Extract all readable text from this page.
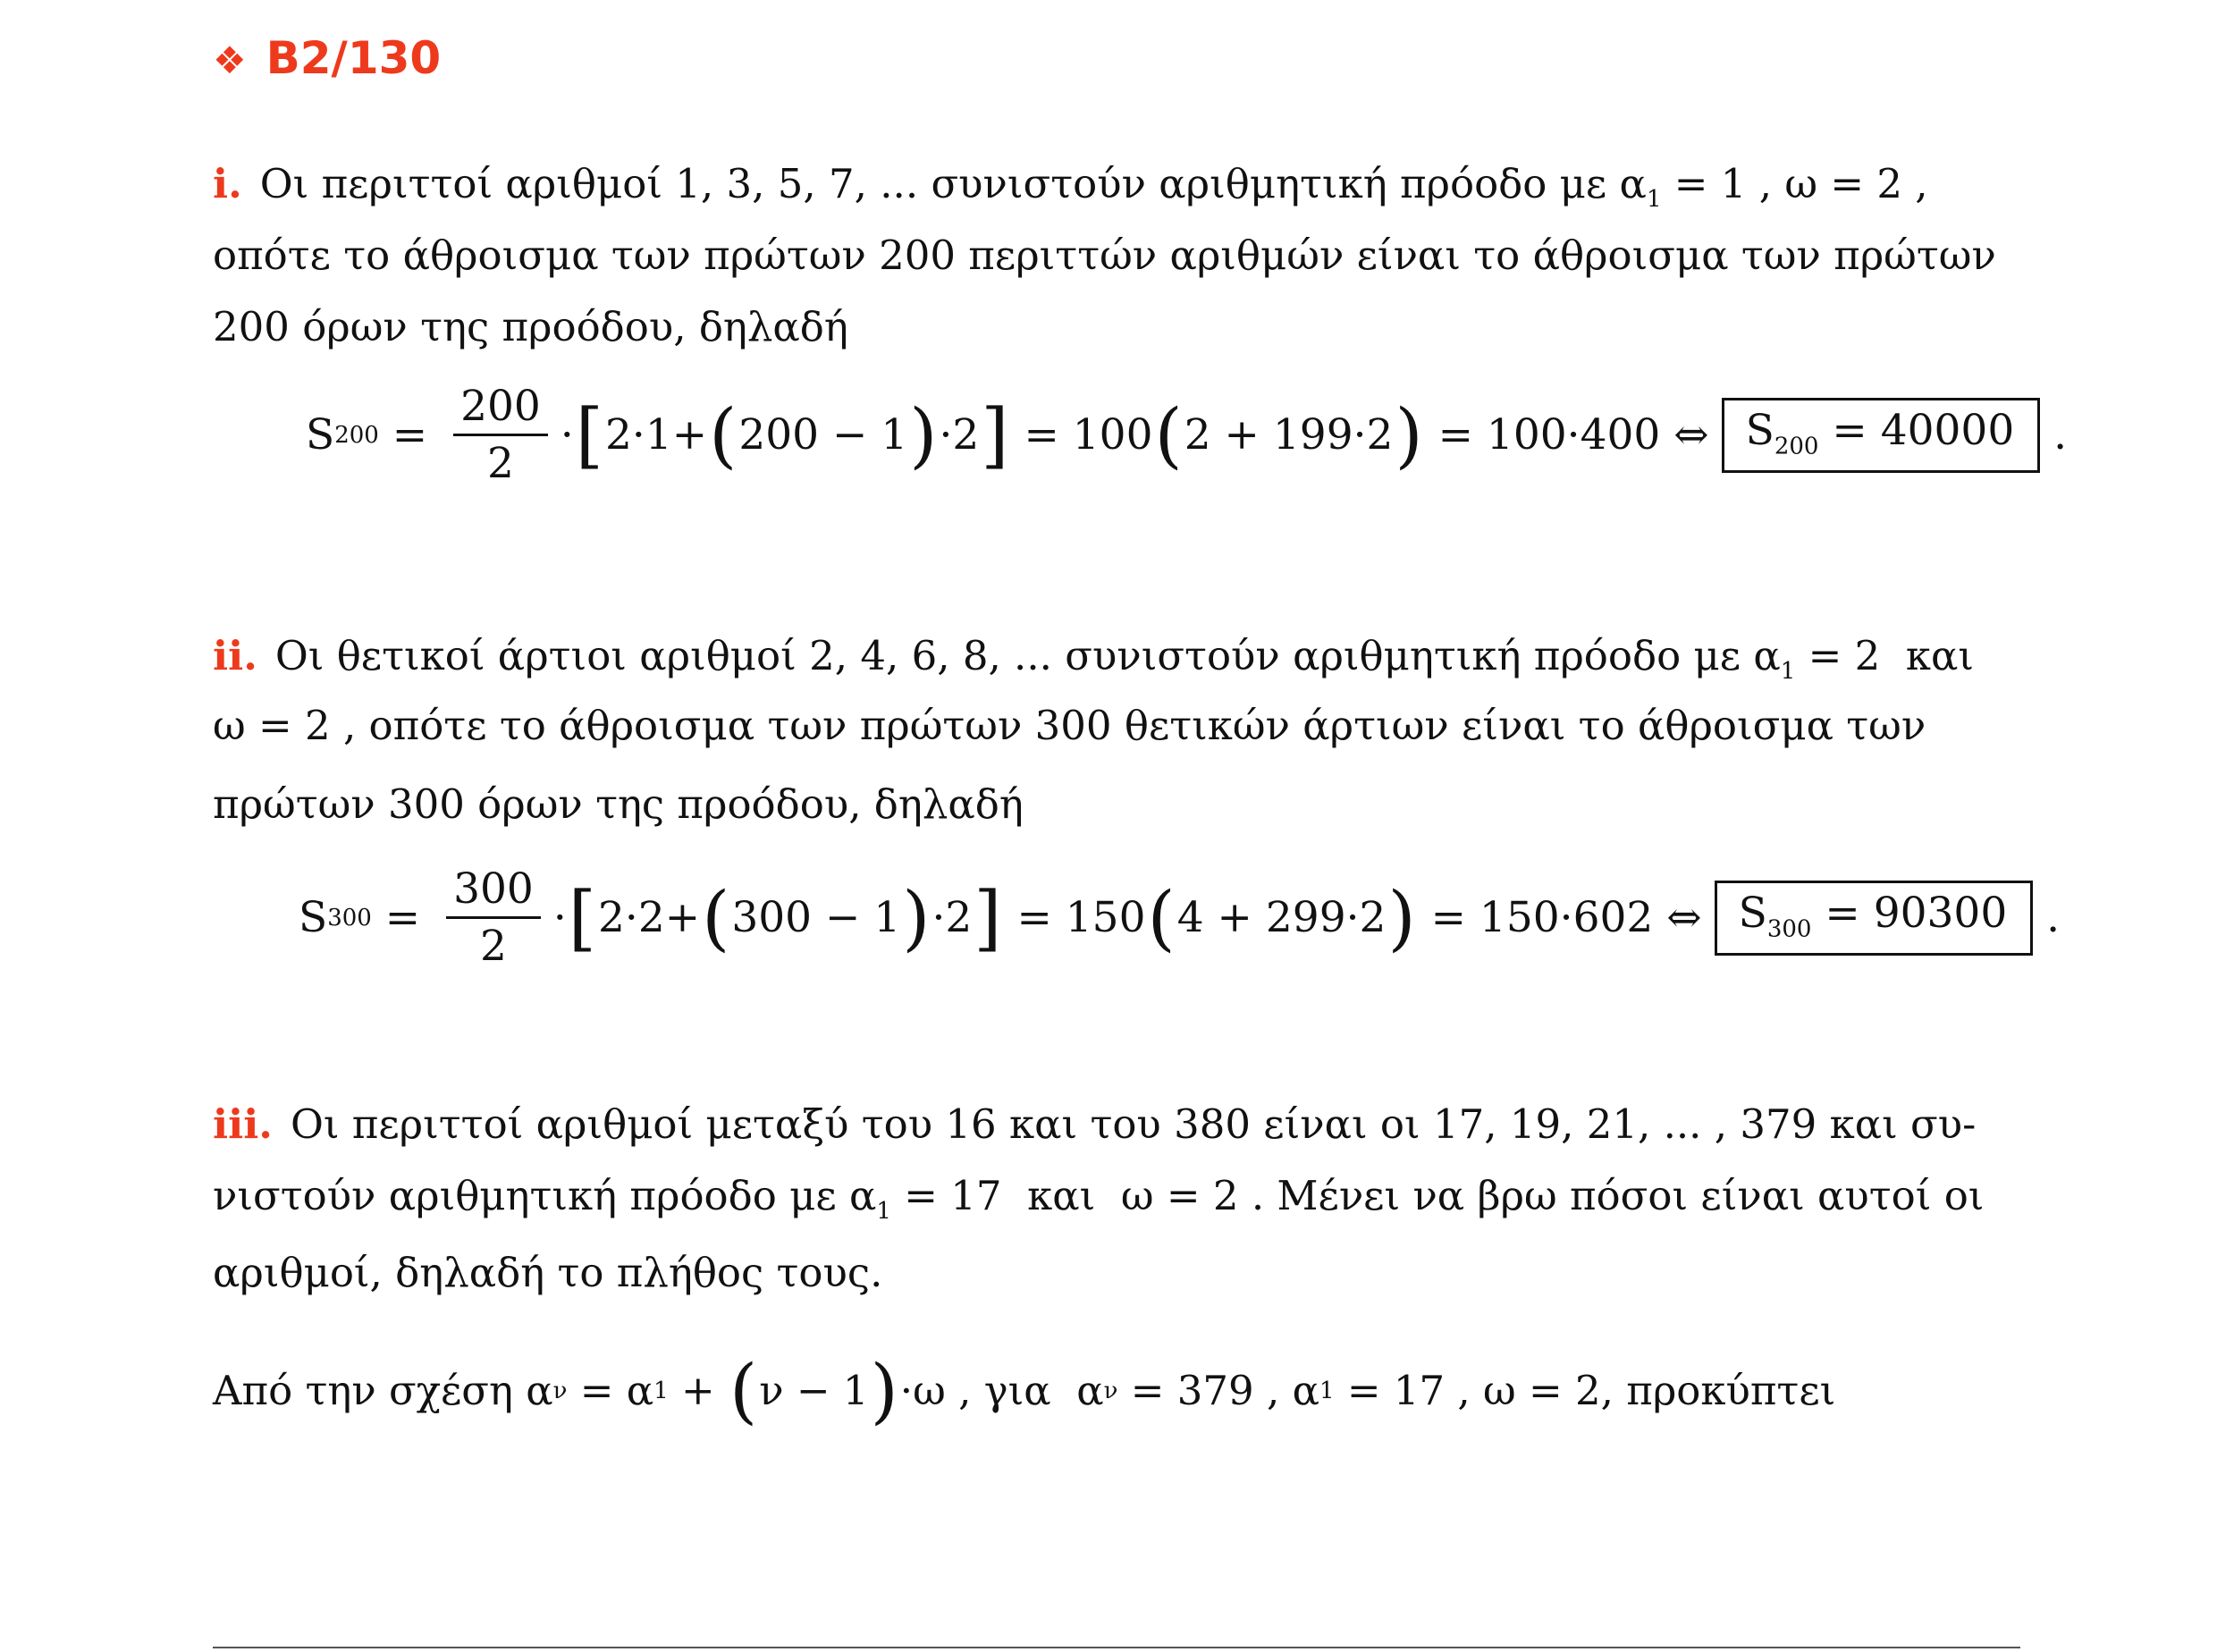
❖ B2/130
i. Οι περιττοί αριθμοί 1, 3, 5, 7, ... συνιστούν αριθμητική πρόοδο με $\alpha_1 = 1$ , ω = 2 ,
οπότε το άθροισμα των πρώτων 200 περιττών αριθμών είναι το άθροισμα των πρώτων
200 όρων της προόδου, δηλαδή
S $200 = \frac{200}{2}$ · [ 2·1+ ( 200 − 1 ) ·2 ] = 100 ( 2 + 199·2 ) = 100·400 ⇔ $S_{200} = 40000$ .
ii. Οι θετικοί άρτιοι αριθμοί 2, 4, 6, 8, ... συνιστούν αριθμητική πρόοδο με $\alpha_1 = 2$  και
ω = 2 , οπότε το άθροισμα των πρώτων 300 θετικών άρτιων είναι το άθροισμα των
πρώτων 300 όρων της προόδου, δηλαδή
S $300 = \frac{300}{2}$ · [ 2·2+ ( 300 − 1 ) ·2 ] = 150 ( 4 + 299·2 ) = 150·602 ⇔ $S_{300} = 90300$ .
iii. Οι περιττοί αριθμοί μεταξύ του 16 και του 380 είναι οι 17, 19, 21, ... , 379 και συ-
νιστούν αριθμητική πρόοδο με $\alpha_1 = 17$  και  ω = 2 . Μένει να βρω πόσοι είναι αυτοί οι
αριθμοί, δηλαδή το πλήθος τους.
Από την σχέση α ν = α 1 + ( ν − 1 ) ·ω , για  α ν = 379 , α 1 = 17 , ω = 2, προκύπτει
